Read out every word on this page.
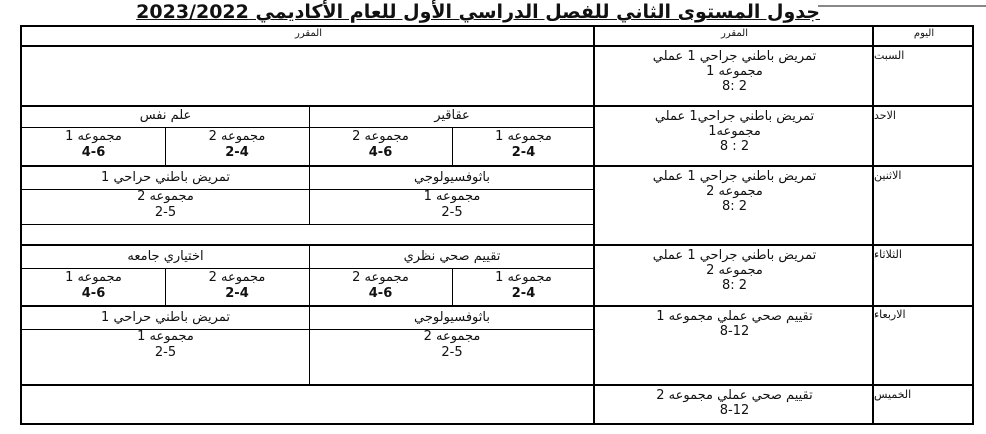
جدول المستوى الثاني للفصل الدراسي الأول للعام الأكاديمي 2023/2022
اليوم
المقرر
المقرر
السبت
الاحد
الاثنين
الثلاثاء
الاربعاء
الخميس
تمريض باطني جراحي 1 عملي
مجموعه 1
2 :8
تمريض باطني جراحي1 عملي
مجموعه1
2 : 8
تمريض باطني جراحي 1 عملي
مجموعه 2
2 :8
تمريض باطني جراحي 1 عملي
مجموعه 2
2 :8
تقييم صحي عملي مجموعه 1
8-12
تقييم صحي عملي مجموعه 2
8-12
عقاقير
علم نفس
مجموعه 1
2-4
مجموعه 2
4-6
مجموعه 2
2-4
مجموعه 1
4-6
باثوفسيولوجي
تمريض باطني حراحي 1
مجموعه 1
2-5
مجموعه 2
2-5
تقييم صحي نظري
اختياري جامعه
مجموعه 1
2-4
مجموعه 2
4-6
مجموعه 2
2-4
مجموعه 1
4-6
باثوفسيولوجي
تمريض باطني حراحي 1
مجموعه 2
2-5
مجموعه 1
2-5
